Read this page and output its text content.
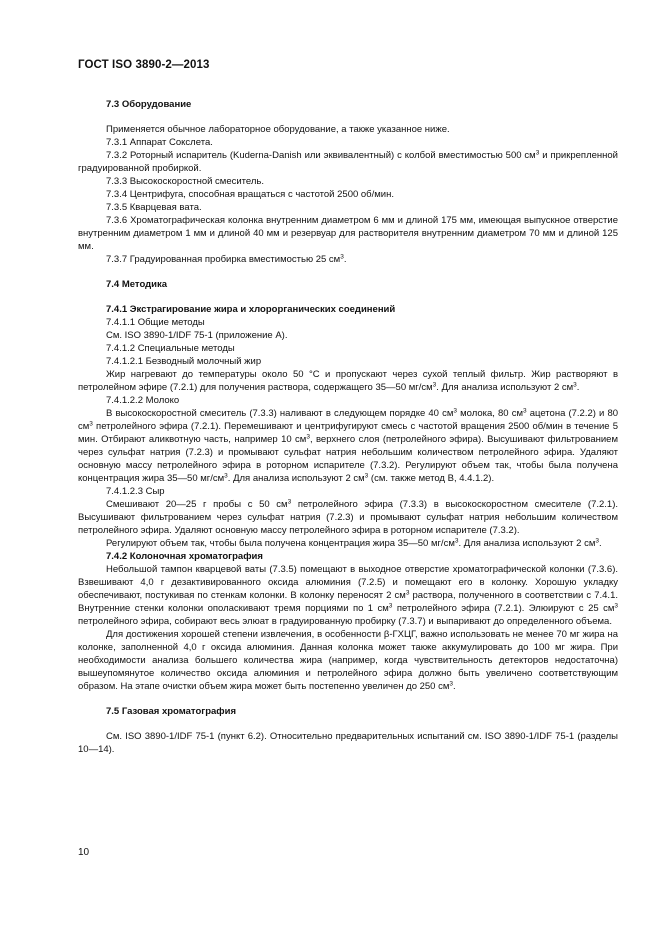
ГОСТ ISO 3890-2—2013

7.3 Оборудование

Применяется обычное лабораторное оборудование, а также указанное ниже.

7.3.1 Аппарат Сокслета.

7.3.2 Роторный испаритель (Kuderna-Danish или эквивалентный) с колбой вместимостью 500 $см^3$ и прикрепленной градуированной пробиркой.

7.3.3 Высокоскоростной смеситель.

7.3.4 Центрифуга, способная вращаться с частотой 2500 об/мин.

7.3.5 Кварцевая вата.

7.3.6 Хроматографическая колонка внутренним диаметром 6 мм и длиной 175 мм, имеющая выпускное отверстие внутренним диаметром 1 мм и длиной 40 мм и резервуар для растворителя внутренним диаметром 70 мм и длиной 125 мм.

7.3.7 Градуированная пробирка вместимостью 25 $см^3$.

7.4 Методика

7.4.1 Экстрагирование жира и хлорорганических соединений

7.4.1.1 Общие методы

См. ISO 3890-1/IDF 75-1 (приложение А).

7.4.1.2 Специальные методы

7.4.1.2.1 Безводный молочный жир

Жир нагревают до температуры около 50 °С и пропускают через сухой теплый фильтр. Жир растворяют в петролейном эфире (7.2.1) для получения раствора, содержащего 35—50 $мг/см^3$. Для анализа используют 2 $см^3$.

7.4.1.2.2 Молоко

В высокоскоростной смеситель (7.3.3) наливают в следующем порядке 40 $см^3$ молока, 80 $см^3$ ацетона (7.2.2) и 80 $см^3$ петролейного эфира (7.2.1). Перемешивают и центрифугируют смесь с частотой вращения 2500 об/мин в течение 5 мин. Отбирают аликвотную часть, например 10 $см^3$, верхнего слоя (петролейного эфира). Высушивают фильтрованием через сульфат натрия (7.2.3) и промывают сульфат натрия небольшим количеством петролейного эфира. Удаляют основную массу петролейного эфира в роторном испарителе (7.3.2). Регулируют объем так, чтобы была получена концентрация жира 35—50 $мг/см^3$. Для анализа используют 2 $см^3$ (см. также метод В, 4.4.1.2).

7.4.1.2.3 Сыр

Смешивают 20—25 г пробы с 50 $см^3$ петролейного эфира (7.3.3) в высокоскоростном смесителе (7.2.1). Высушивают фильтрованием через сульфат натрия (7.2.3) и промывают сульфат натрия небольшим количеством петролейного эфира. Удаляют основную массу петролейного эфира в роторном испарителе (7.3.2).

Регулируют объем так, чтобы была получена концентрация жира 35—50 $мг/см^3$. Для анализа используют 2 $см^3$.

7.4.2 Колоночная хроматография

Небольшой тампон кварцевой ваты (7.3.5) помещают в выходное отверстие хроматографической колонки (7.3.6). Взвешивают 4,0 г дезактивированного оксида алюминия (7.2.5) и помещают его в колонку. Хорошую укладку обеспечивают, постукивая по стенкам колонки. В колонку переносят 2 $см^3$ раствора, полученного в соответствии с 7.4.1. Внутренние стенки колонки ополаскивают тремя порциями по 1 $см^3$ петролейного эфира (7.2.1). Элюируют с 25 $см^3$ петролейного эфира, собирают весь элюат в градуированную пробирку (7.3.7) и выпаривают до определенного объема.

Для достижения хорошей степени извлечения, в особенности β-ГХЦГ, важно использовать не менее 70 мг жира на колонке, заполненной 4,0 г оксида алюминия. Данная колонка может также аккумулировать до 100 мг жира. При необходимости анализа большего количества жира (например, когда чувствительность детекторов недостаточна) вышеупомянутое количество оксида алюминия и петролейного эфира должно быть увеличено соответствующим образом. На этапе очистки объем жира может быть постепенно увеличен до 250 $см^3$.

7.5 Газовая хроматография

См. ISO 3890-1/IDF 75-1 (пункт 6.2). Относительно предварительных испытаний см. ISO 3890-1/IDF 75-1 (разделы 10—14).

10
